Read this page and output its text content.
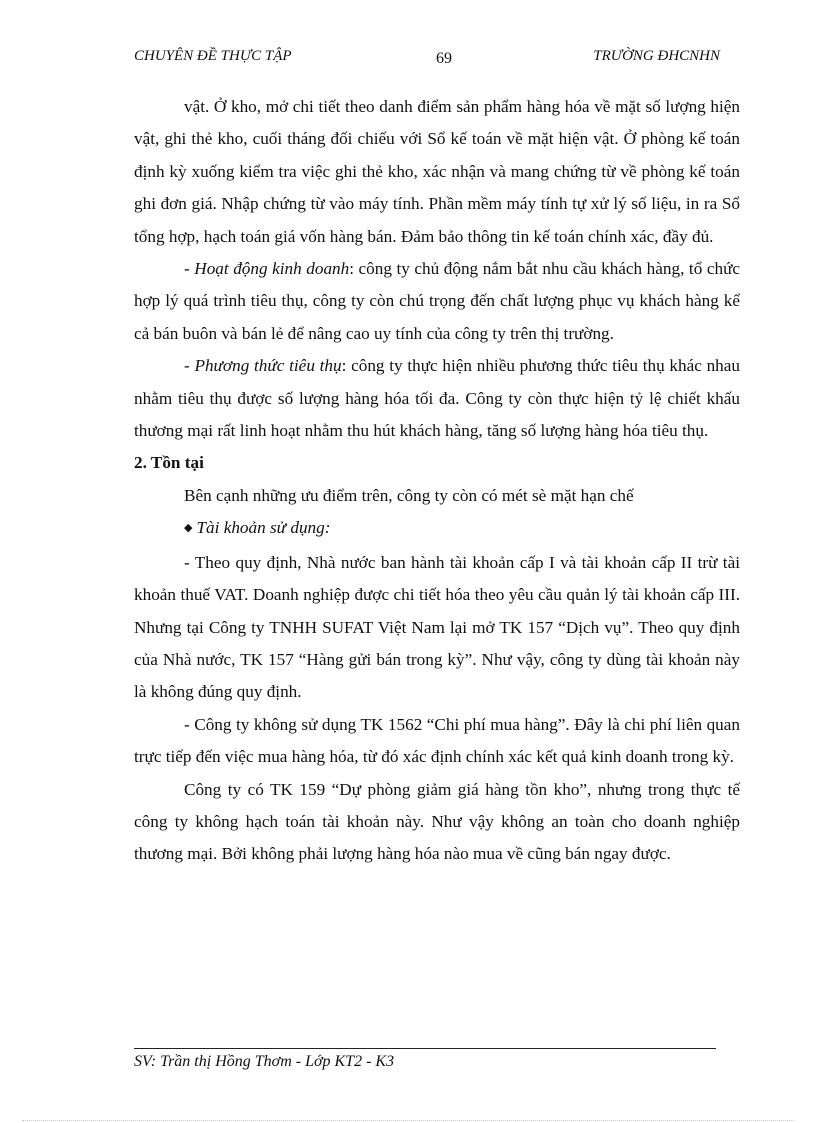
CHUYÊN ĐỀ THỰC TẬP	69	TRƯỜNG ĐHCNHN

vật. Ở kho, mở chi tiết theo danh điểm sản phẩm hàng hóa về mặt số lượng hiện vật, ghi thẻ kho, cuối tháng đối chiếu với Sổ kế toán về mặt hiện vật. Ở phòng kế toán định kỳ xuống kiểm tra việc ghi thẻ kho, xác nhận và mang chứng từ về phòng kế toán ghi đơn giá. Nhập chứng từ vào máy tính. Phần mềm máy tính tự xử lý số liệu, in ra Sổ tổng hợp, hạch toán giá vốn hàng bán. Đảm bảo thông tin kế toán chính xác, đầy đủ.

- Hoạt động kinh doanh: công ty chủ động nắm bắt nhu cầu khách hàng, tổ chức hợp lý quá trình tiêu thụ, công ty còn chú trọng đến chất lượng phục vụ khách hàng kể cả bán buôn và bán lẻ để nâng cao uy tính của công ty trên thị trường.

- Phương thức tiêu thụ: công ty thực hiện nhiều phương thức tiêu thụ khác nhau nhằm tiêu thụ được số lượng hàng hóa tối đa. Công ty còn thực hiện tỷ lệ chiết khấu thương mại rất linh hoạt nhằm thu hút khách hàng, tăng số lượng hàng hóa tiêu thụ.

2. Tồn tại

Bên cạnh những ưu điểm trên, công ty còn có mét sè mặt hạn chế

◆ Tài khoản sử dụng:

- Theo quy định, Nhà nước ban hành tài khoản cấp I và tài khoản cấp II trừ tài khoản thuế VAT. Doanh nghiệp được chi tiết hóa theo yêu cầu quản lý tài khoản cấp III. Nhưng tại Công ty TNHH SUFAT Việt Nam lại mở TK 157 “Dịch vụ”. Theo quy định của Nhà nước, TK 157 “Hàng gửi bán trong kỳ”. Như vậy, công ty dùng tài khoản này là không đúng quy định.

- Công ty không sử dụng TK 1562 “Chi phí mua hàng”. Đây là chi phí liên quan trực tiếp đến việc mua hàng hóa, từ đó xác định chính xác kết quả kinh doanh trong kỳ.

Công ty có TK 159 “Dự phòng giảm giá hàng tồn kho”, nhưng trong thực tế công ty không hạch toán tài khoản này. Như vậy không an toàn cho doanh nghiệp thương mại. Bởi không phải lượng hàng hóa nào mua về cũng bán ngay được.

SV: Trần thị Hồng Thơm - Lớp KT2 - K3
